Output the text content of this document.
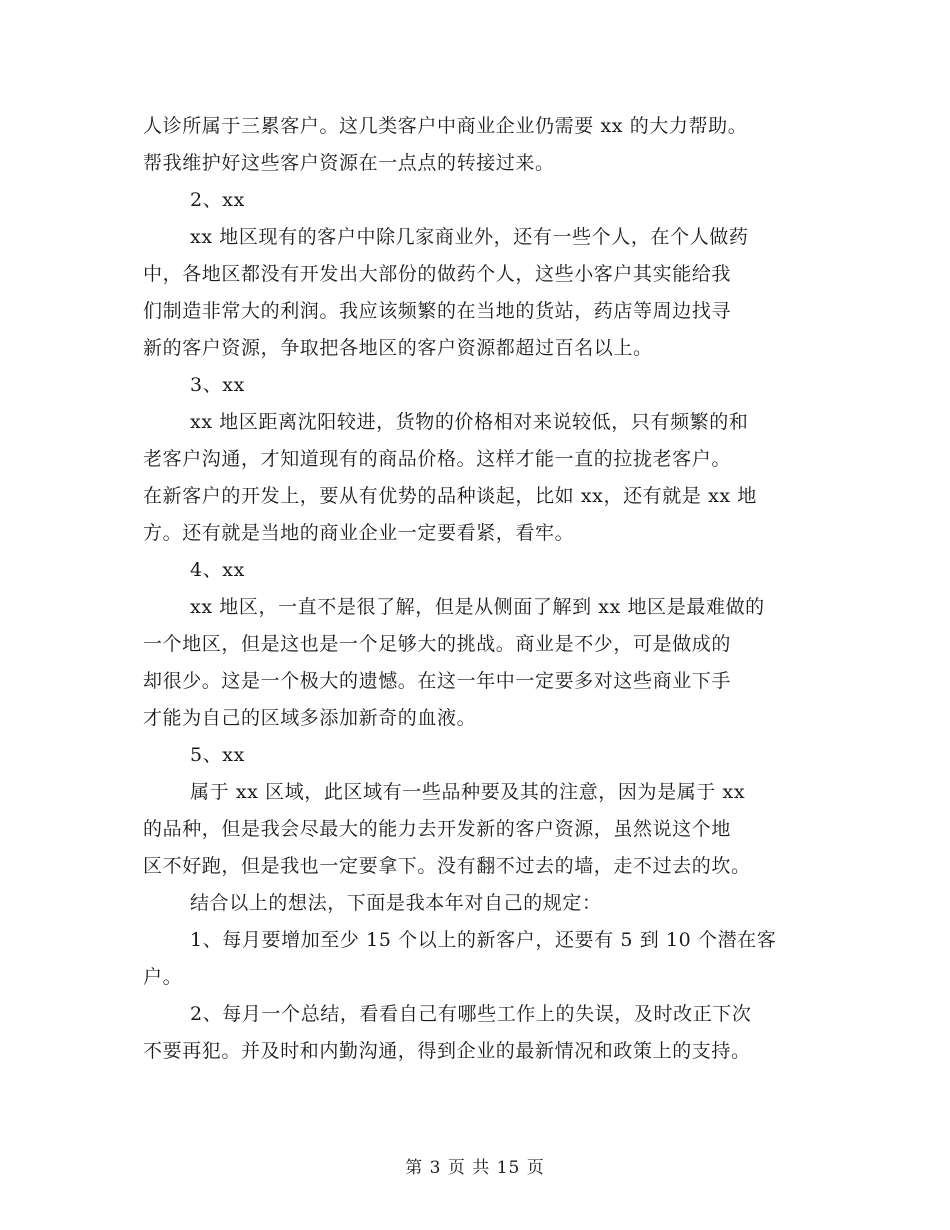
人诊所属于三累客户。这几类客户中商业企业仍需要 xx 的大力帮助。
帮我维护好这些客户资源在一点点的转接过来。
2、xx
xx 地区现有的客户中除几家商业外，还有一些个人，在个人做药
中，各地区都没有开发出大部份的做药个人，这些小客户其实能给我
们制造非常大的利润。我应该频繁的在当地的货站，药店等周边找寻
新的客户资源，争取把各地区的客户资源都超过百名以上。
3、xx
xx 地区距离沈阳较进，货物的价格相对来说较低，只有频繁的和
老客户沟通，才知道现有的商品价格。这样才能一直的拉拢老客户。
在新客户的开发上，要从有优势的品种谈起，比如 xx，还有就是 xx 地
方。还有就是当地的商业企业一定要看紧，看牢。
4、xx
xx 地区，一直不是很了解，但是从侧面了解到 xx 地区是最难做的
一个地区，但是这也是一个足够大的挑战。商业是不少，可是做成的
却很少。这是一个极大的遗憾。在这一年中一定要多对这些商业下手
才能为自己的区域多添加新奇的血液。
5、xx
属于 xx 区域，此区域有一些品种要及其的注意，因为是属于 xx
的品种，但是我会尽最大的能力去开发新的客户资源，虽然说这个地
区不好跑，但是我也一定要拿下。没有翻不过去的墙，走不过去的坎。
结合以上的想法，下面是我本年对自己的规定：
1、每月要增加至少 15 个以上的新客户，还要有 5 到 10 个潜在客
户。
2、每月一个总结，看看自己有哪些工作上的失误，及时改正下次
不要再犯。并及时和内勤沟通，得到企业的最新情况和政策上的支持。
第 3 页 共 15 页
